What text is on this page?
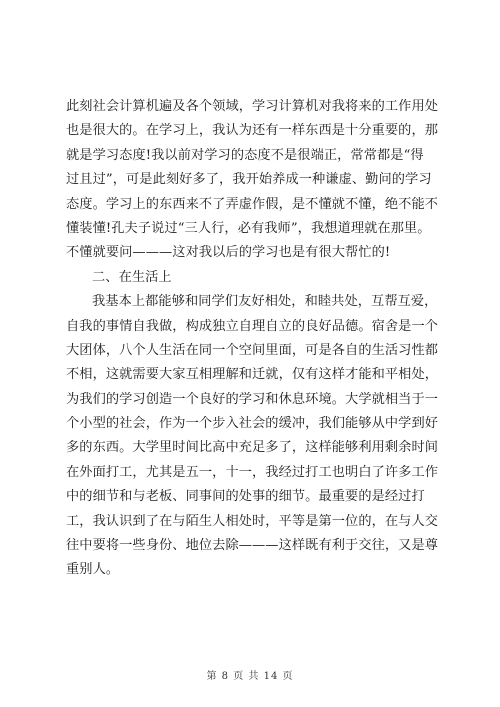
此刻社会计算机遍及各个领域，学习计算机对我将来的工作用处
也是很大的。在学习上，我认为还有一样东西是十分重要的，那
就是学习态度!我以前对学习的态度不是很端正，常常都是“得
过且过”，可是此刻好多了，我开始养成一种谦虚、勤问的学习
态度。学习上的东西来不了弄虚作假，是不懂就不懂，绝不能不
懂装懂!孔夫子说过“三人行，必有我师”，我想道理就在那里。
不懂就要问———这对我以后的学习也是有很大帮忙的!
二、在生活上
我基本上都能够和同学们友好相处，和睦共处，互帮互爱，
自我的事情自我做，构成独立自理自立的良好品德。宿舍是一个
大团体，八个人生活在同一个空间里面，可是各自的生活习性都
不相，这就需要大家互相理解和迁就，仅有这样才能和平相处，
为我们的学习创造一个良好的学习和休息环境。大学就相当于一
个小型的社会，作为一个步入社会的缓冲，我们能够从中学到好
多的东西。大学里时间比高中充足多了，这样能够利用剩余时间
在外面打工，尤其是五一，十一，我经过打工也明白了许多工作
中的细节和与老板、同事间的处事的细节。最重要的是经过打
工，我认识到了在与陌生人相处时，平等是第一位的，在与人交
往中要将一些身份、地位去除———这样既有利于交往，又是尊
重别人。
第 8 页 共 14 页
